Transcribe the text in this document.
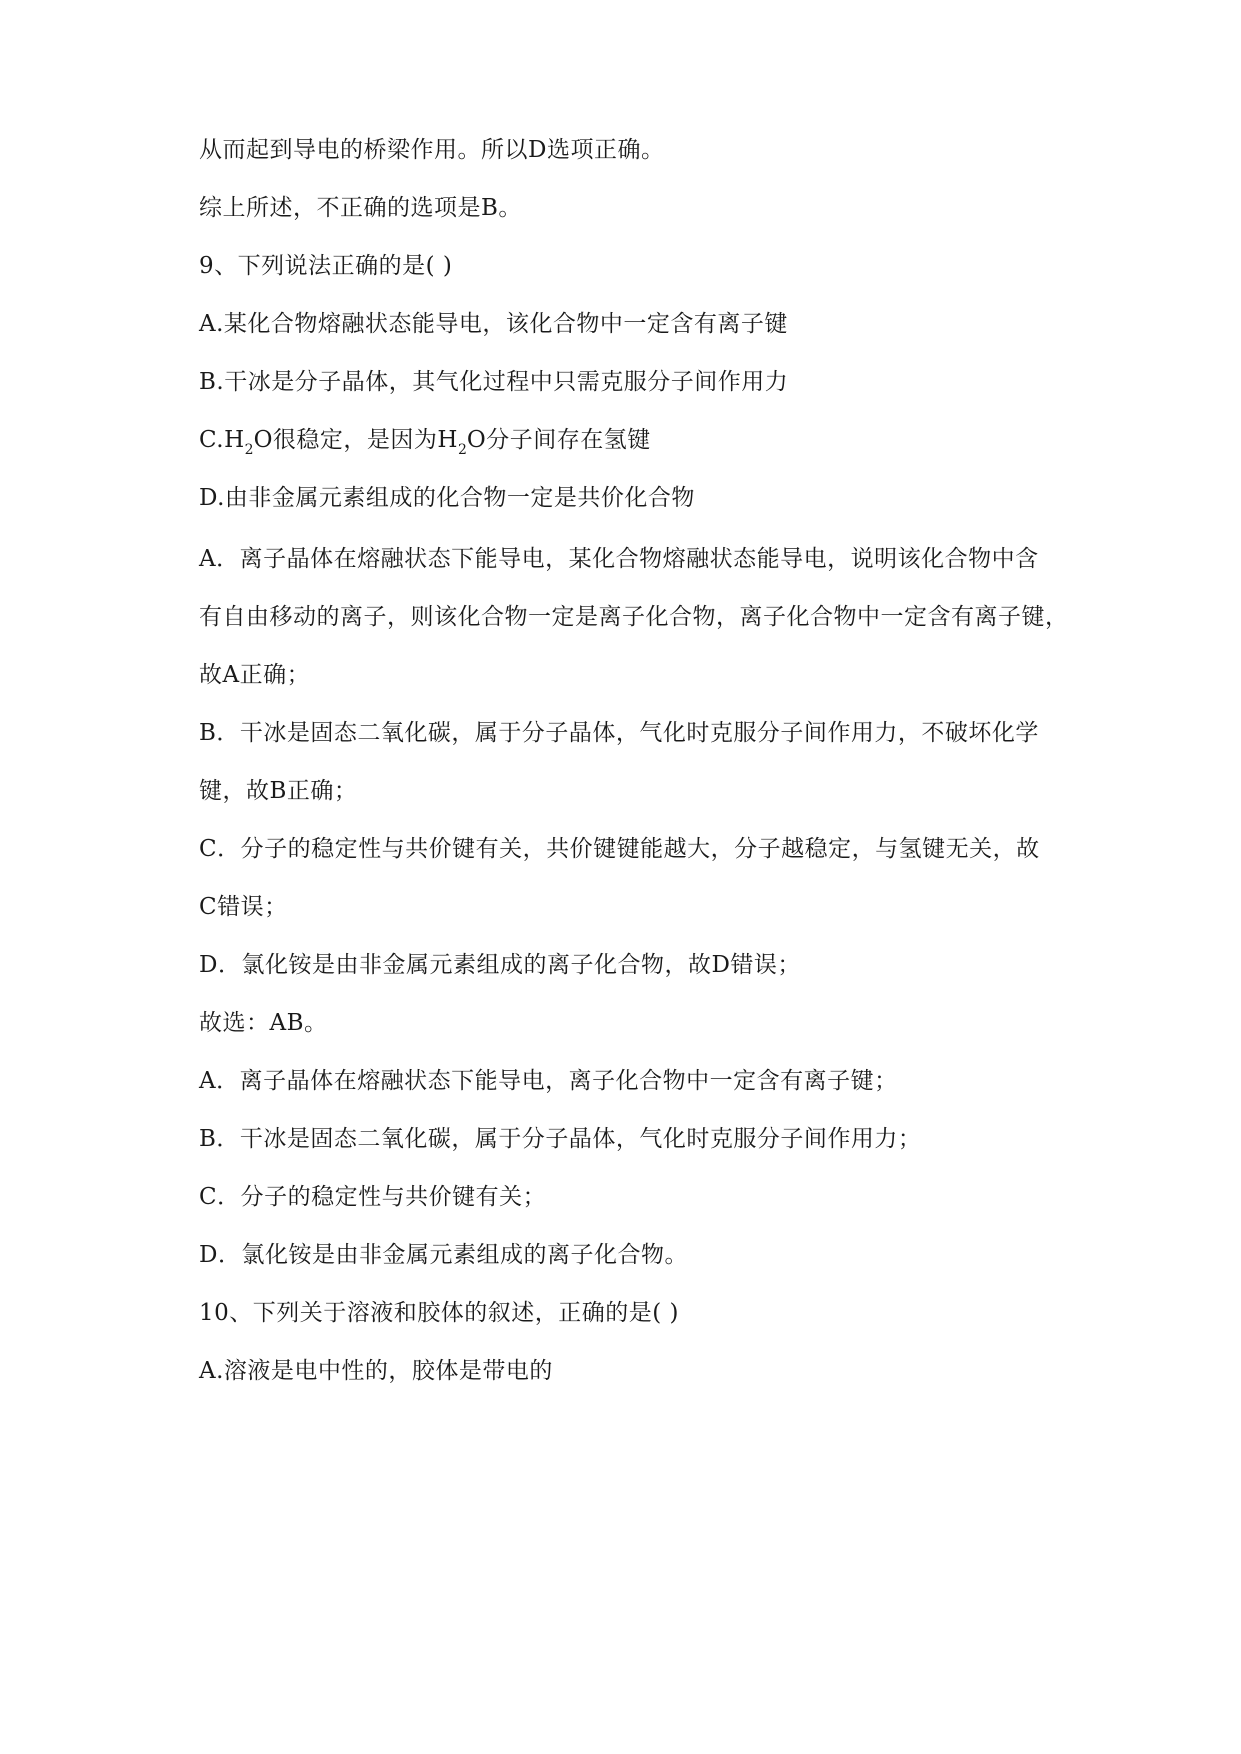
从而起到导电的桥梁作用。所以D选项正确。
综上所述，不正确的选项是B。
9、下列说法正确的是( )
A.某化合物熔融状态能导电，该化合物中一定含有离子键
B.干冰是分子晶体，其气化过程中只需克服分子间作用力
$C.H_2O$很稳定，是因为$H_2O$分子间存在氢键
D.由非金属元素组成的化合物一定是共价化合物
A．离子晶体在熔融状态下能导电，某化合物熔融状态能导电，说明该化合物中含
有自由移动的离子，则该化合物一定是离子化合物，离子化合物中一定含有离子键，
故A正确；
B．干冰是固态二氧化碳，属于分子晶体，气化时克服分子间作用力，不破坏化学
键，故B正确；
C．分子的稳定性与共价键有关，共价键键能越大，分子越稳定，与氢键无关，故
C错误；
D．氯化铵是由非金属元素组成的离子化合物，故D错误；
故选：AB。
A．离子晶体在熔融状态下能导电，离子化合物中一定含有离子键；
B．干冰是固态二氧化碳，属于分子晶体，气化时克服分子间作用力；
C．分子的稳定性与共价键有关；
D．氯化铵是由非金属元素组成的离子化合物。
10、下列关于溶液和胶体的叙述，正确的是( )
A.溶液是电中性的，胶体是带电的
